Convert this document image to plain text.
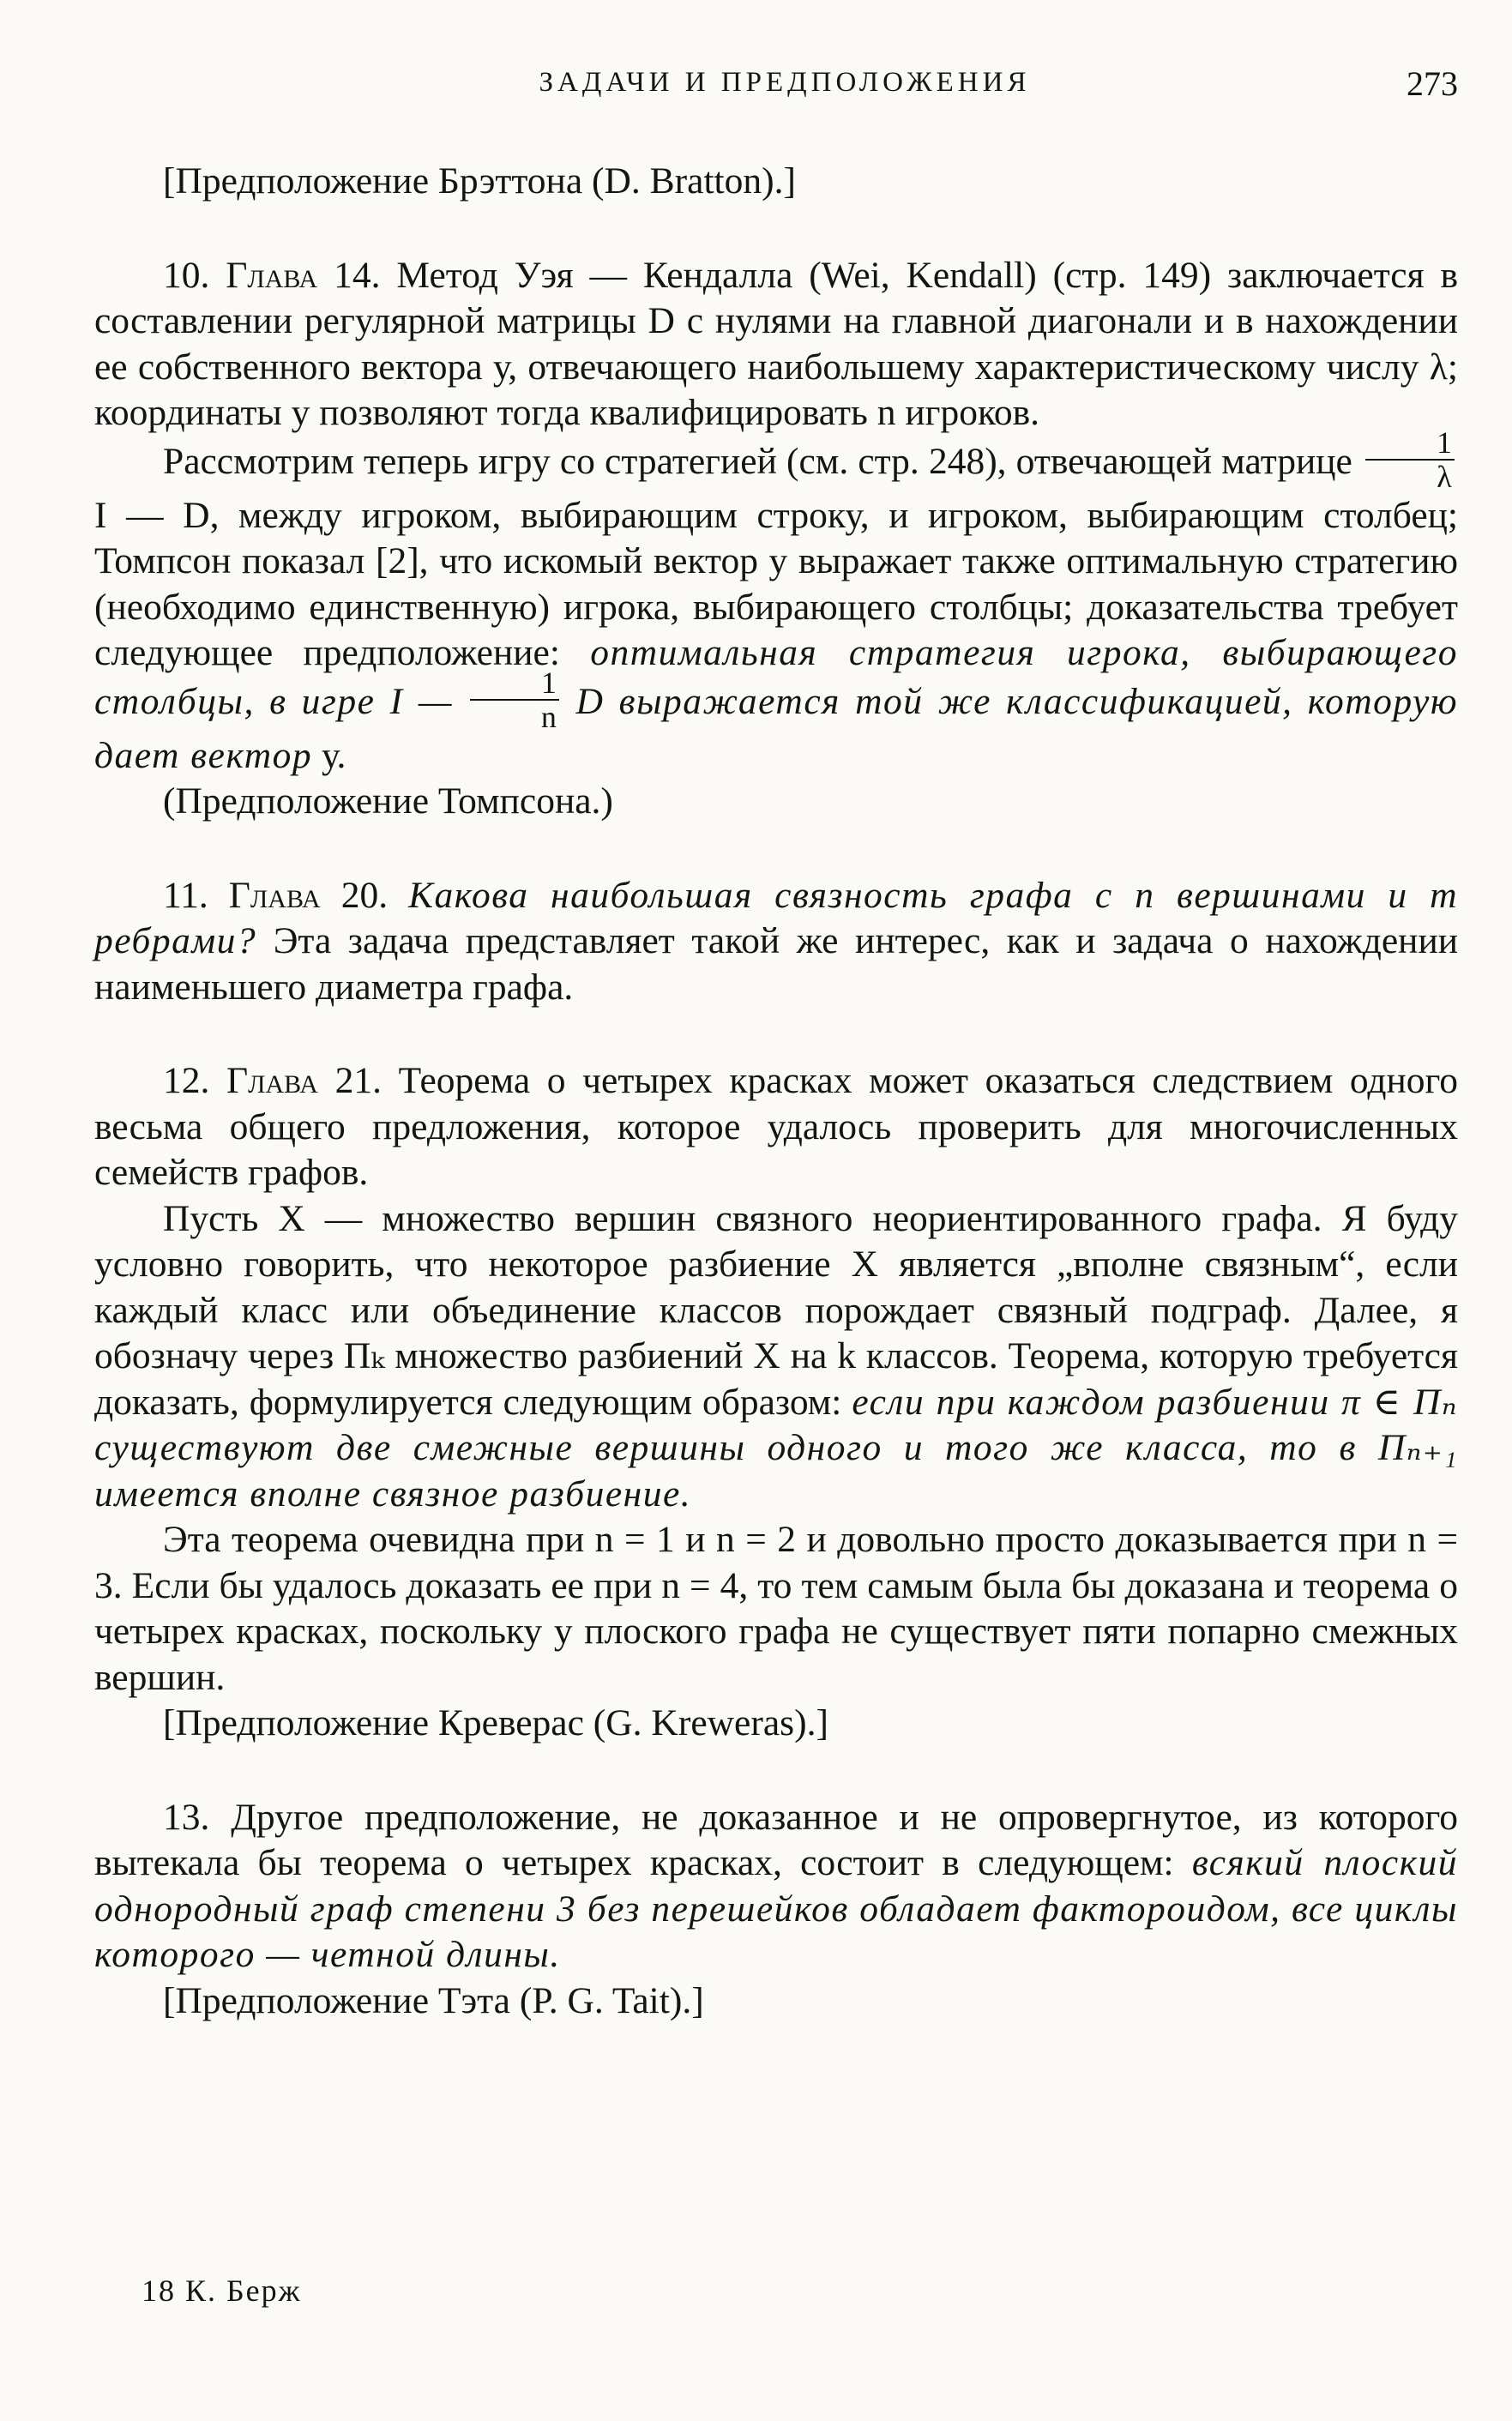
ЗАДАЧИ И ПРЕДПОЛОЖЕНИЯ	273

[Предположение Брэттона (D. Bratton).]

10. Глава 14. Метод Уэя — Кендалла (Wei, Kendall) (стр. 149) заключается в составлении регулярной матрицы D с нулями на главной диагонали и в нахождении ее собственного вектора у, отвечающего наибольшему характеристическому числу λ; координаты у позволяют тогда квалифицировать n игроков.

Рассмотрим теперь игру со стратегией (см. стр. 248), отвечающей матрице $\frac{1}{\lambda}$
I — D, между игроком, выбирающим строку, и игроком, выбирающим столбец; Томпсон показал [2], что искомый вектор у выражает также оптимальную стратегию (необходимо единственную) игрока, выбирающего столбцы; доказательства требует следующее предположение: оптимальная стратегия игрока, выбирающего столбцы, в игре I — $\frac{1}{n}$ D выражается той же классификацией, которую дает вектор у.

(Предположение Томпсона.)

11. Глава 20. Какова наибольшая связность графа с n вершинами и m ребрами? Эта задача представляет такой же интерес, как и задача о нахождении наименьшего диаметра графа.

12. Глава 21. Теорема о четырех красках может оказаться следствием одного весьма общего предложения, которое удалось проверить для многочисленных семейств графов.

Пусть X — множество вершин связного неориентированного графа. Я буду условно говорить, что некоторое разбиение X является „вполне связным“, если каждый класс или объединение классов порождает связный подграф. Далее, я обозначу через Πₖ множество разбиений X на k классов. Теорема, которую требуется доказать, формулируется следующим образом: если при каждом разбиении π ∈ Πₙ существуют две смежные вершины одного и того же класса, то в Πₙ₊₁ имеется вполне связное разбиение.

Эта теорема очевидна при n = 1 и n = 2 и довольно просто доказывается при n = 3. Если бы удалось доказать ее при n = 4, то тем самым была бы доказана и теорема о четырех красках, поскольку у плоского графа не существует пяти попарно смежных вершин.

[Предположение Креверас (G. Kreweras).]

13. Другое предположение, не доказанное и не опровергнутое, из которого вытекала бы теорема о четырех красках, состоит в следующем: всякий плоский однородный граф степени 3 без перешейков обладает фактороидом, все циклы которого — четной длины.

[Предположение Тэта (P. G. Tait).]

18 К. Берж
